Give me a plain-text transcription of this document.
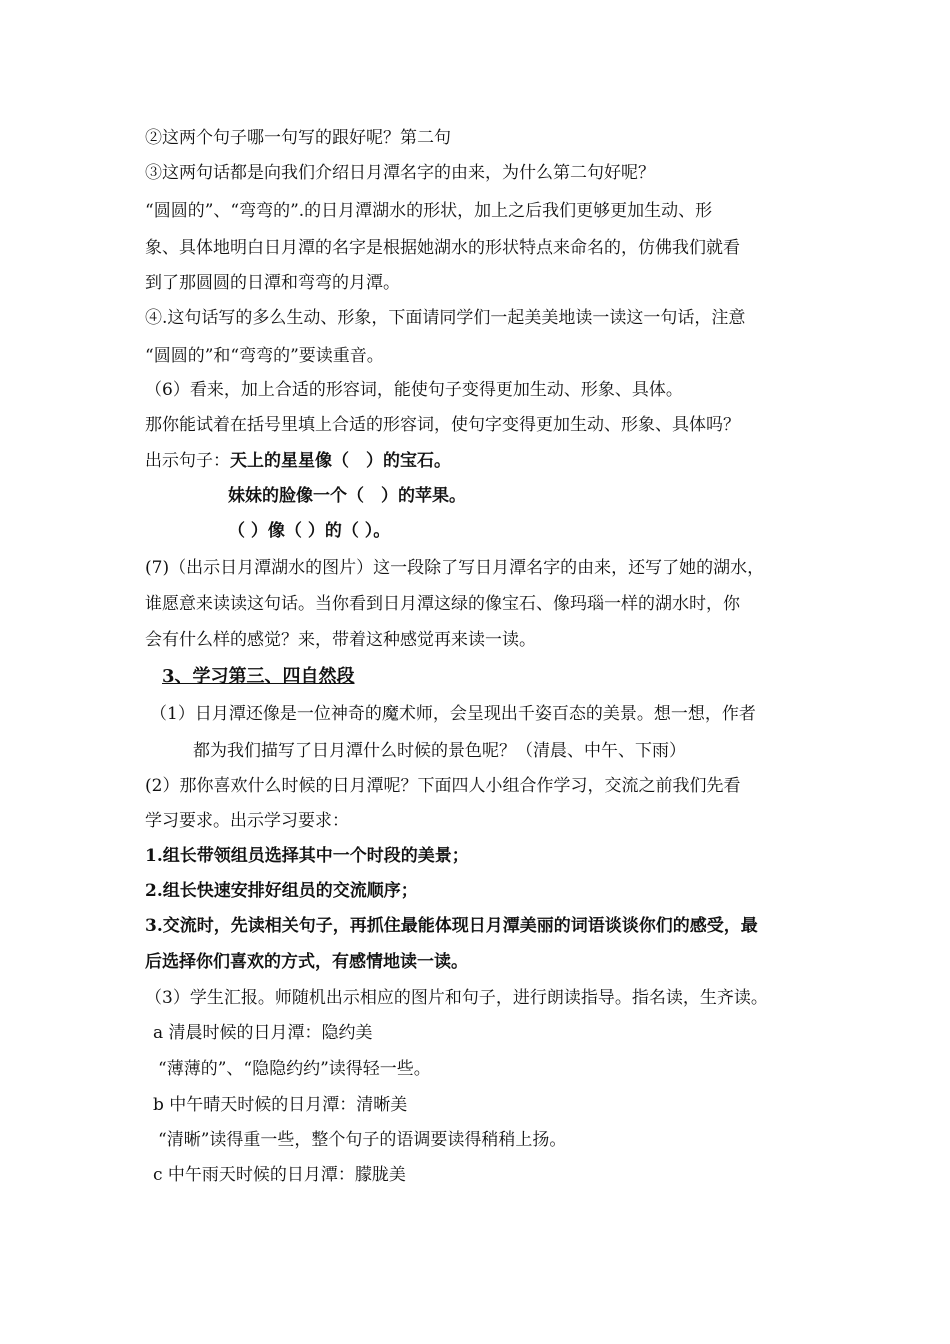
②这两个句子哪一句写的跟好呢？第二句
③这两句话都是向我们介绍日月潭名字的由来，为什么第二句好呢？
“圆圆的”、“弯弯的”.的日月潭湖水的形状，加上之后我们更够更加生动、形
象、具体地明白日月潭的名字是根据她湖水的形状特点来命名的，仿佛我们就看
到了那圆圆的日潭和弯弯的月潭。
④.这句话写的多么生动、形象，下面请同学们一起美美地读一读这一句话，注意
“圆圆的”和“弯弯的”要读重音。
（6）看来，加上合适的形容词，能使句子变得更加生动、形象、具体。
那你能试着在括号里填上合适的形容词，使句字变得更加生动、形象、具体吗？
出示句子：天上的星星像（　）的宝石。
妹妹的脸像一个（　）的苹果。
（ ）像（ ）的（ ）。
(7)（出示日月潭湖水的图片）这一段除了写日月潭名字的由来，还写了她的湖水，
谁愿意来读读这句话。当你看到日月潭这绿的像宝石、像玛瑙一样的湖水时，你
会有什么样的感觉？来，带着这种感觉再来读一读。
3、学习第三、四自然段
（1）日月潭还像是一位神奇的魔术师，会呈现出千姿百态的美景。想一想，作者
都为我们描写了日月潭什么时候的景色呢？（清晨、中午、下雨）
(2）那你喜欢什么时候的日月潭呢？下面四人小组合作学习，交流之前我们先看
学习要求。出示学习要求：
1.组长带领组员选择其中一个时段的美景；
2.组长快速安排好组员的交流顺序；
3.交流时，先读相关句子，再抓住最能体现日月潭美丽的词语谈谈你们的感受，最
后选择你们喜欢的方式，有感情地读一读。
（3）学生汇报。师随机出示相应的图片和句子，进行朗读指导。指名读，生齐读。
a 清晨时候的日月潭：隐约美
“薄薄的”、“隐隐约约”读得轻一些。
b 中午晴天时候的日月潭：清晰美
“清晰”读得重一些，整个句子的语调要读得稍稍上扬。
c 中午雨天时候的日月潭：朦胧美
